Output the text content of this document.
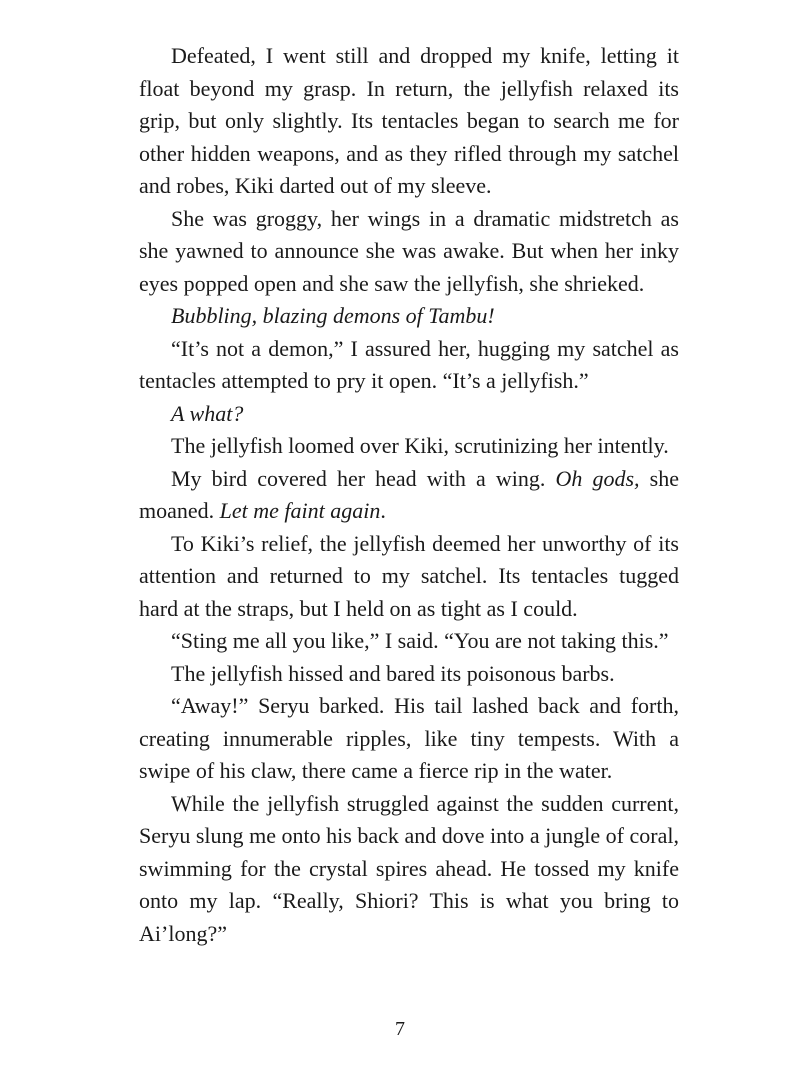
Defeated, I went still and dropped my knife, letting it float beyond my grasp. In return, the jellyfish relaxed its grip, but only slightly. Its tentacles began to search me for other hidden weapons, and as they rifled through my satchel and robes, Kiki darted out of my sleeve.

She was groggy, her wings in a dramatic midstretch as she yawned to announce she was awake. But when her inky eyes popped open and she saw the jellyfish, she shrieked.

Bubbling, blazing demons of Tambu!

“It’s not a demon,” I assured her, hugging my satchel as tentacles attempted to pry it open. “It’s a jellyfish.”

A what?

The jellyfish loomed over Kiki, scrutinizing her intently.

My bird covered her head with a wing. Oh gods, she moaned. Let me faint again.

To Kiki’s relief, the jellyfish deemed her unworthy of its attention and returned to my satchel. Its tentacles tugged hard at the straps, but I held on as tight as I could.

“Sting me all you like,” I said. “You are not taking this.”

The jellyfish hissed and bared its poisonous barbs.

“Away!” Seryu barked. His tail lashed back and forth, creating innumerable ripples, like tiny tempests. With a swipe of his claw, there came a fierce rip in the water.

While the jellyfish struggled against the sudden current, Seryu slung me onto his back and dove into a jungle of coral, swimming for the crystal spires ahead. He tossed my knife onto my lap. “Really, Shiori? This is what you bring to Ai’long?”

7
